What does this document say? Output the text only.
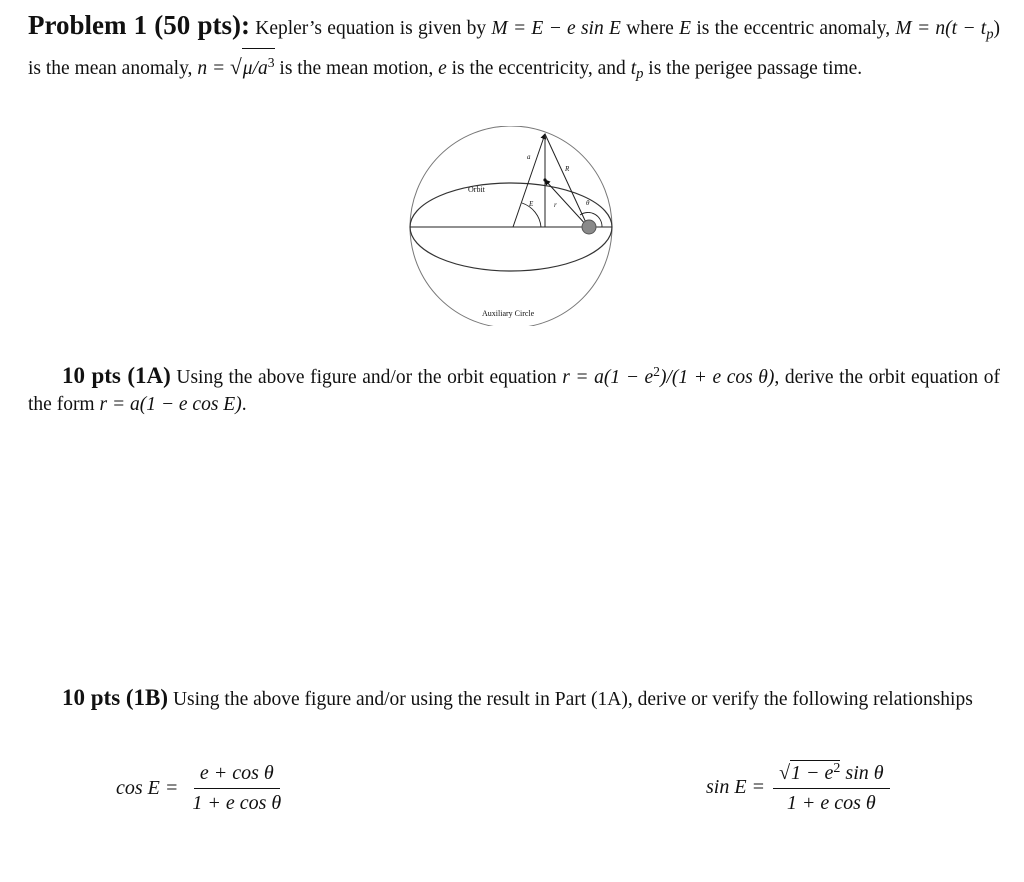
Problem 1 (50 pts): Kepler’s equation is given by M = E − e sin E where E is the eccentric anomaly, $M = n(t - t_p)$ is the mean anomaly, $n = √\mu/a^3$ is the mean motion, e is the eccentricity, and $t_p$ is the perigee passage time.

Orbit
Auxiliary Circle
a
R
E	r	θ

10 pts (1A) Using the above figure and/or the orbit equation $r = a(1 - e^2)/(1 + e$ cos θ), derive the orbit equation of the form r = a(1 − e cos E).

10 pts (1B) Using the above figure and/or using the result in Part (1A), derive or verify the following relationships

$\cos E = \frac{\text{e + cos θ}}{\text{1 + e cos θ}}$	$\sin E = \frac{√1 - e^2 \sin \theta}{\text{1 + e cos θ}}$
